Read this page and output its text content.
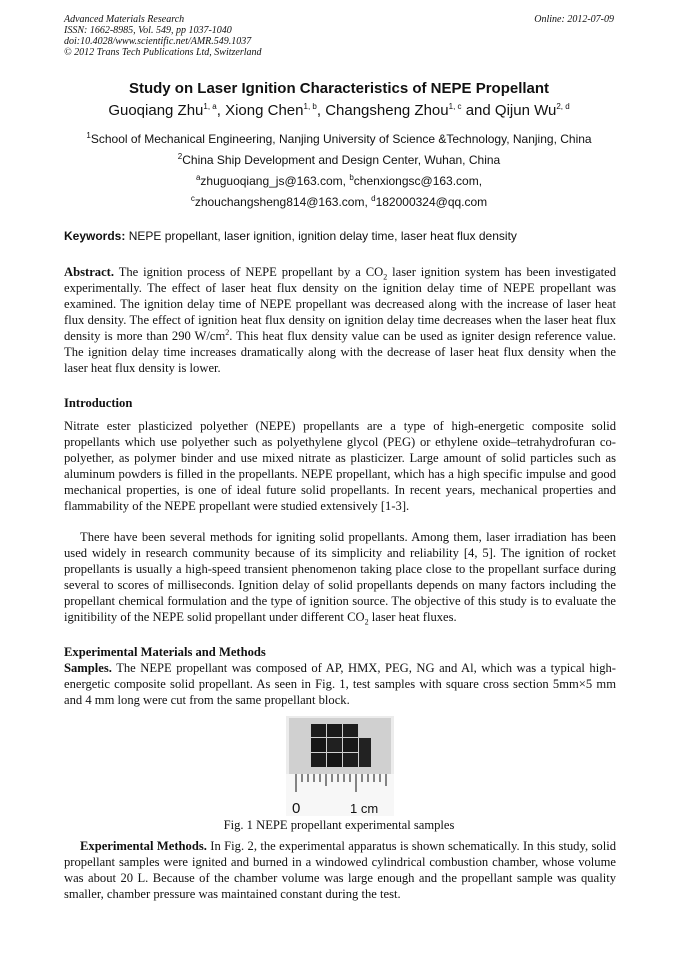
Advanced Materials Research
ISSN: 1662-8985, Vol. 549, pp 1037-1040
doi:10.4028/www.scientific.net/AMR.549.1037
© 2012 Trans Tech Publications Ltd, Switzerland
Online: 2012-07-09
Study on Laser Ignition Characteristics of NEPE Propellant
Guoqiang Zhu$^{1, a}$, Xiong Chen$^{1, b}$, Changsheng Zhou$^{1, c}$ and Qijun Wu$^{2, d}$
$^1$School of Mechanical Engineering, Nanjing University of Science &Technology, Nanjing, China
$^2$China Ship Development and Design Center, Wuhan, China
$^a$zhuguoqiang_js@163.com, $^b$chenxiongsc@163.com,
$^c$zhouchangsheng814@163.com, $^d$182000324@qq.com
Keywords: NEPE propellant, laser ignition, ignition delay time, laser heat flux density
Abstract. The ignition process of NEPE propellant by a $CO_2$ laser ignition system has been investigated experimentally. The effect of laser heat flux density on the ignition delay time of NEPE propellant was examined. The ignition delay time of NEPE propellant was decreased along with the increase of laser heat flux density. The effect of ignition heat flux density on ignition delay time decreases when the laser heat flux density is more than 290 $W/cm^2$. This heat flux density value can be used as igniter design reference value. The ignition delay time increases dramatically along with the decrease of laser heat flux density when the laser heat flux density is lower.
Introduction
Nitrate ester plasticized polyether (NEPE) propellants are a type of high-energetic composite solid propellants which use polyether such as polyethylene glycol (PEG) or ethylene oxide–tetrahydrofuran co-polyether, as polymer binder and use mixed nitrate as plasticizer. Large amount of solid particles such as aluminum powders is filled in the propellants. NEPE propellant, which has a high specific impulse and good mechanical properties, is one of ideal future solid propellants. In recent years, mechanical properties and flammability of the NEPE propellant were studied extensively [1-3].
There have been several methods for igniting solid propellants. Among them, laser irradiation has been used widely in research community because of its simplicity and reliability [4, 5]. The ignition of rocket propellants is usually a high-speed transient phenomenon taking place close to the propellant surface during several to scores of milliseconds. Ignition delay of solid propellants depends on many factors including the propellant chemical formulation and the type of ignition source. The objective of this study is to evaluate the ignitibility of the NEPE solid propellant under different $CO_2$ laser heat fluxes.
Experimental Materials and Methods
Samples. The NEPE propellant was composed of AP, HMX, PEG, NG and Al, which was a typical high-energetic composite solid propellant. As seen in Fig. 1, test samples with square cross section 5mm×5 mm and 4 mm long were cut from the same propellant block.
0	1 cm
Fig. 1 NEPE propellant experimental samples
Experimental Methods. In Fig. 2, the experimental apparatus is shown schematically. In this study, solid propellant samples were ignited and burned in a windowed cylindrical combustion chamber, whose volume was about 20 L. Because of the chamber volume was large enough and the propellant sample was quality smaller, chamber pressure was maintained constant during the test.
